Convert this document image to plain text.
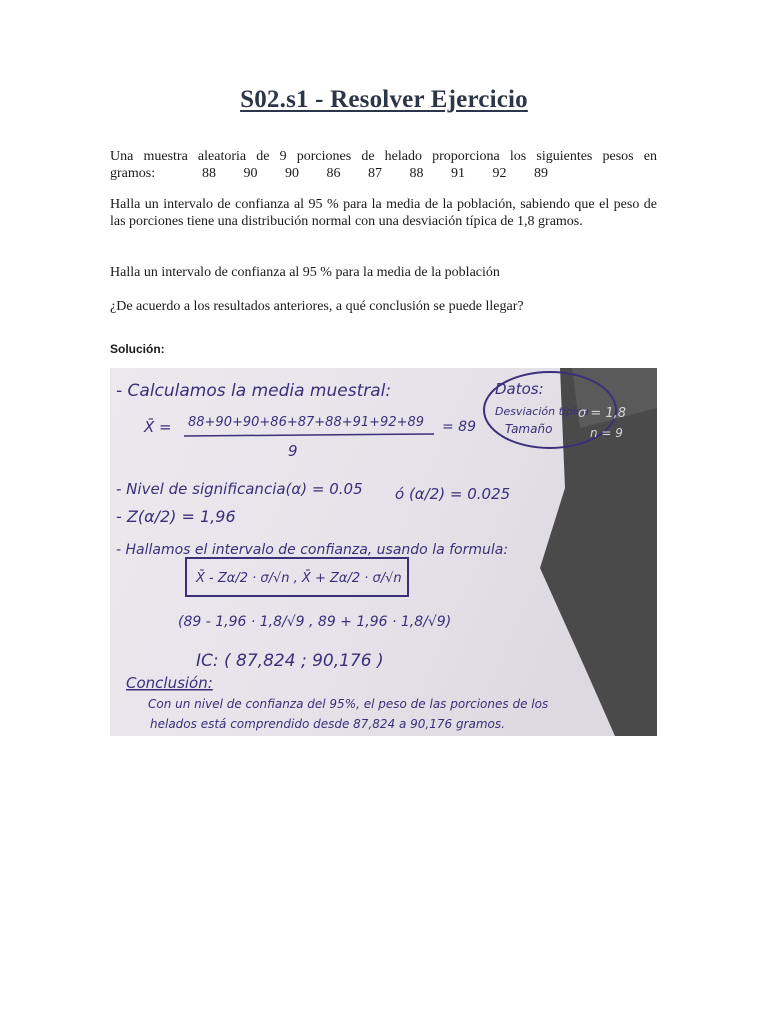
S02.s1 - Resolver Ejercicio
Una muestra aleatoria de 9 porciones de helado proporciona los siguientes pesos en
gramos:	88	90	90	86	87	88	91	92	89
Halla un intervalo de confianza al 95 % para la media de la población, sabiendo que el peso de las porciones tiene una distribución normal con una desviación típica de 1,8 gramos.
Halla un intervalo de confianza al 95 % para la media de la población
¿De acuerdo a los resultados anteriores, a qué conclusión se puede llegar?
Solución:
- Calculamos la media muestral:
X̄ = 88+90+90+86+87+88+91+92+89
9
= 89
Datos:
Desviación típica
σ = 1,8
Tamaño	n = 9
- Nivel de significancia(α) = 0.05 ó (α/2) = 0.025
- Z(α/2) = 1,96
- Hallamos el intervalo de confianza, usando la formula:
X̄ - Zα/2 · σ/√n , X̄ + Zα/2 · σ/√n
(89 - 1,96 · 1,8/√9 , 89 + 1,96 · 1,8/√9)
IC: ( 87,824 ; 90,176 )
Conclusión:
Con un nivel de confianza del 95%, el peso de las porciones de los
helados está comprendido desde 87,824 a 90,176 gramos.
